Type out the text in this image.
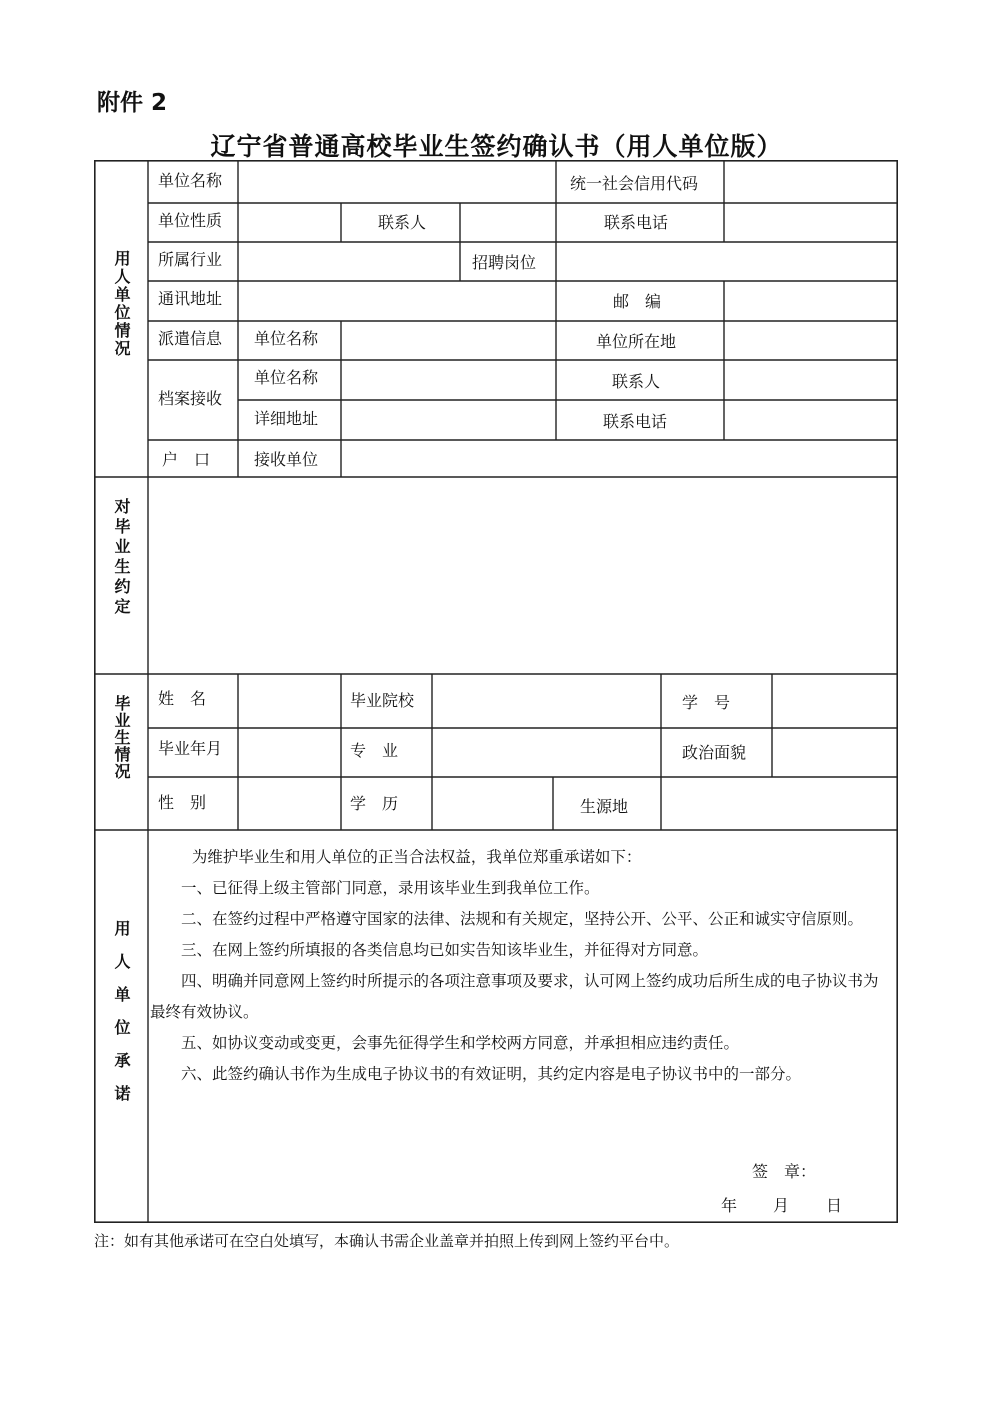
附件 2
辽宁省普通高校毕业生签约确认书（用人单位版）
用人单位情况
单位名称	统一社会信用代码
单位性质	联系人	联系电话
所属行业	招聘岗位
通讯地址	邮　编
派遣信息 单位名称	单位所在地
档案接收
单位名称	联系人
详细地址	联系电话
户　口	接收单位
对毕业生约定
毕业生情况 姓　名	毕业院校	学　号
毕业年月	专　业	政治面貌
性　别	学　历	生源地
用人单位承诺

为维护毕业生和用人单位的正当合法权益，我单位郑重承诺如下：

一、已征得上级主管部门同意，录用该毕业生到我单位工作。

二、在签约过程中严格遵守国家的法律、法规和有关规定，坚持公开、公平、公正和诚实守信原则。

三、在网上签约所填报的各类信息均已如实告知该毕业生，并征得对方同意。

四、明确并同意网上签约时所提示的各项注意事项及要求，认可网上签约成功后所生成的电子协议书为最终有效协议。

五、如协议变动或变更，会事先征得学生和学校两方同意，并承担相应违约责任。

六、此签约确认书作为生成电子协议书的有效证明，其约定内容是电子协议书中的一部分。

签　章：
年 月 日
注：如有其他承诺可在空白处填写，本确认书需企业盖章并拍照上传到网上签约平台中。
